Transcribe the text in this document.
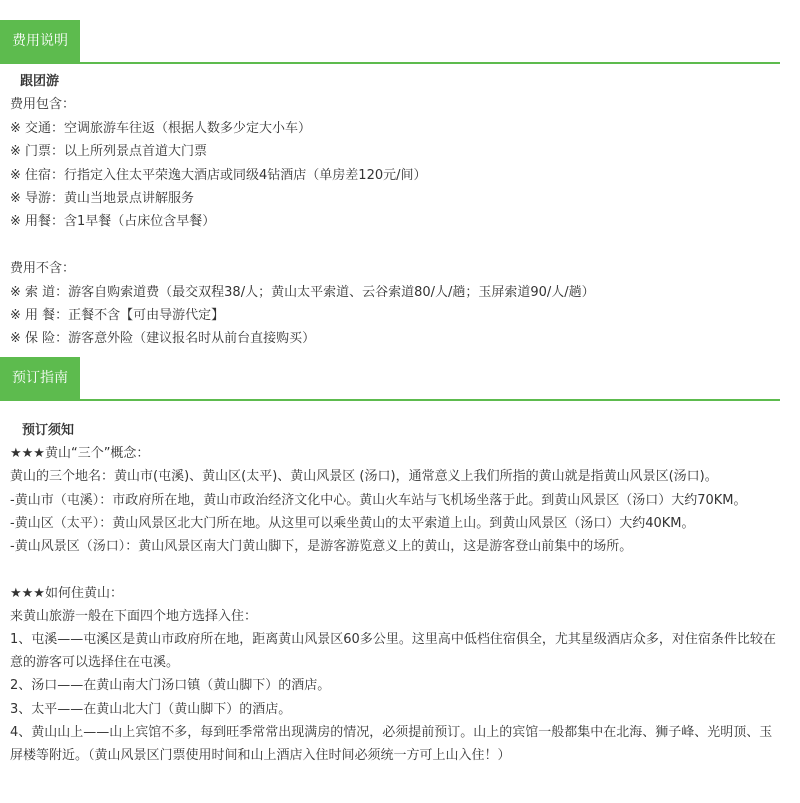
费用说明
跟团游
费用包含：
※ 交通：空调旅游车往返（根据人数多少定大小车）
※ 门票：以上所列景点首道大门票
※ 住宿：行指定入住太平荣逸大酒店或同级4钻酒店（单房差120元/间）
※ 导游：黄山当地景点讲解服务
※ 用餐：含1早餐（占床位含早餐）
费用不含：
※ 索 道：游客自购索道费（最交双程38/人；黄山太平索道、云谷索道80/人/趟；玉屏索道90/人/趟）
※ 用 餐：正餐不含【可由导游代定】
※ 保 险：游客意外险（建议报名时从前台直接购买）
预订指南
预订须知
★★★黄山“三个”概念：
黄山的三个地名：黄山市(屯溪)、黄山区(太平)、黄山风景区 (汤口)，通常意义上我们所指的黄山就是指黄山风景区(汤口)。
-黄山市（屯溪）：市政府所在地，黄山市政治经济文化中心。黄山火车站与飞机场坐落于此。到黄山风景区（汤口）大约70KM。
-黄山区（太平）：黄山风景区北大门所在地。从这里可以乘坐黄山的太平索道上山。到黄山风景区（汤口）大约40KM。
-黄山风景区（汤口）：黄山风景区南大门黄山脚下，是游客游览意义上的黄山，这是游客登山前集中的场所。
★★★如何住黄山：
来黄山旅游一般在下面四个地方选择入住：
1、屯溪——屯溪区是黄山市政府所在地，距离黄山风景区60多公里。这里高中低档住宿俱全，尤其星级酒店众多，对住宿条件比较在意的游客可以选择住在屯溪。
2、汤口——在黄山南大门汤口镇（黄山脚下）的酒店。
3、太平——在黄山北大门（黄山脚下）的酒店。
4、黄山山上——山上宾馆不多，每到旺季常常出现满房的情况，必须提前预订。山上的宾馆一般都集中在北海、狮子峰、光明顶、玉屏楼等附近。（黄山风景区门票使用时间和山上酒店入住时间必须统一方可上山入住！）
